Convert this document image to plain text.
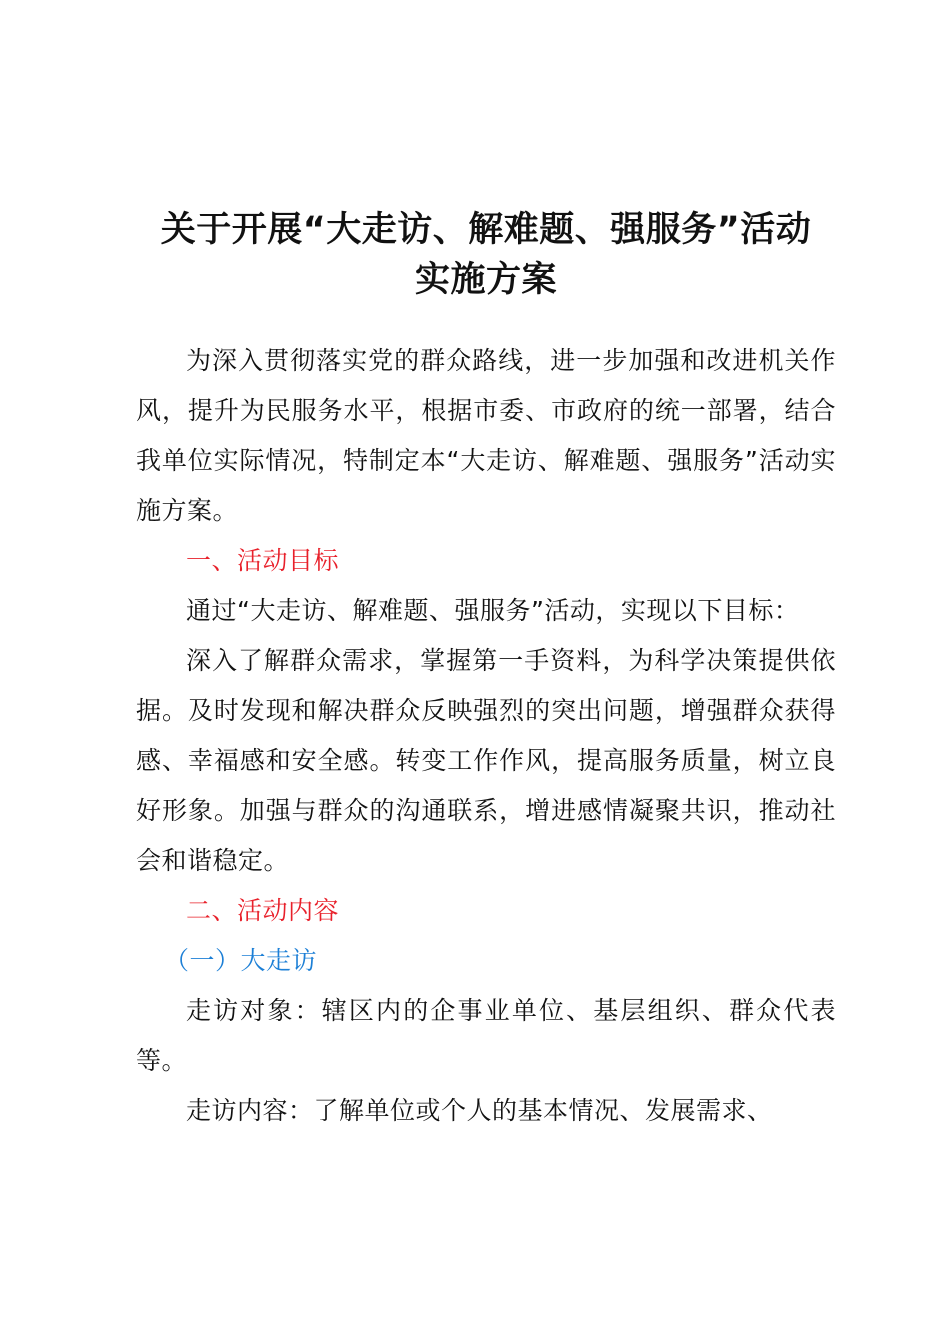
关于开展“大走访、解难题、强服务”活动
实施方案

为深入贯彻落实党的群众路线，进一步加强和改进机关作风，提升为民服务水平，根据市委、市政府的统一部署，结合我单位实际情况，特制定本“大走访、解难题、强服务”活动实施方案。

一、活动目标

通过“大走访、解难题、强服务”活动，实现以下目标：

深入了解群众需求，掌握第一手资料，为科学决策提供依据。及时发现和解决群众反映强烈的突出问题，增强群众获得感、幸福感和安全感。转变工作作风，提高服务质量，树立良好形象。加强与群众的沟通联系，增进感情凝聚共识，推动社会和谐稳定。

二、活动内容

（一）大走访

走访对象：辖区内的企事业单位、基层组织、群众代表等。

走访内容：了解单位或个人的基本情况、发展需求、
